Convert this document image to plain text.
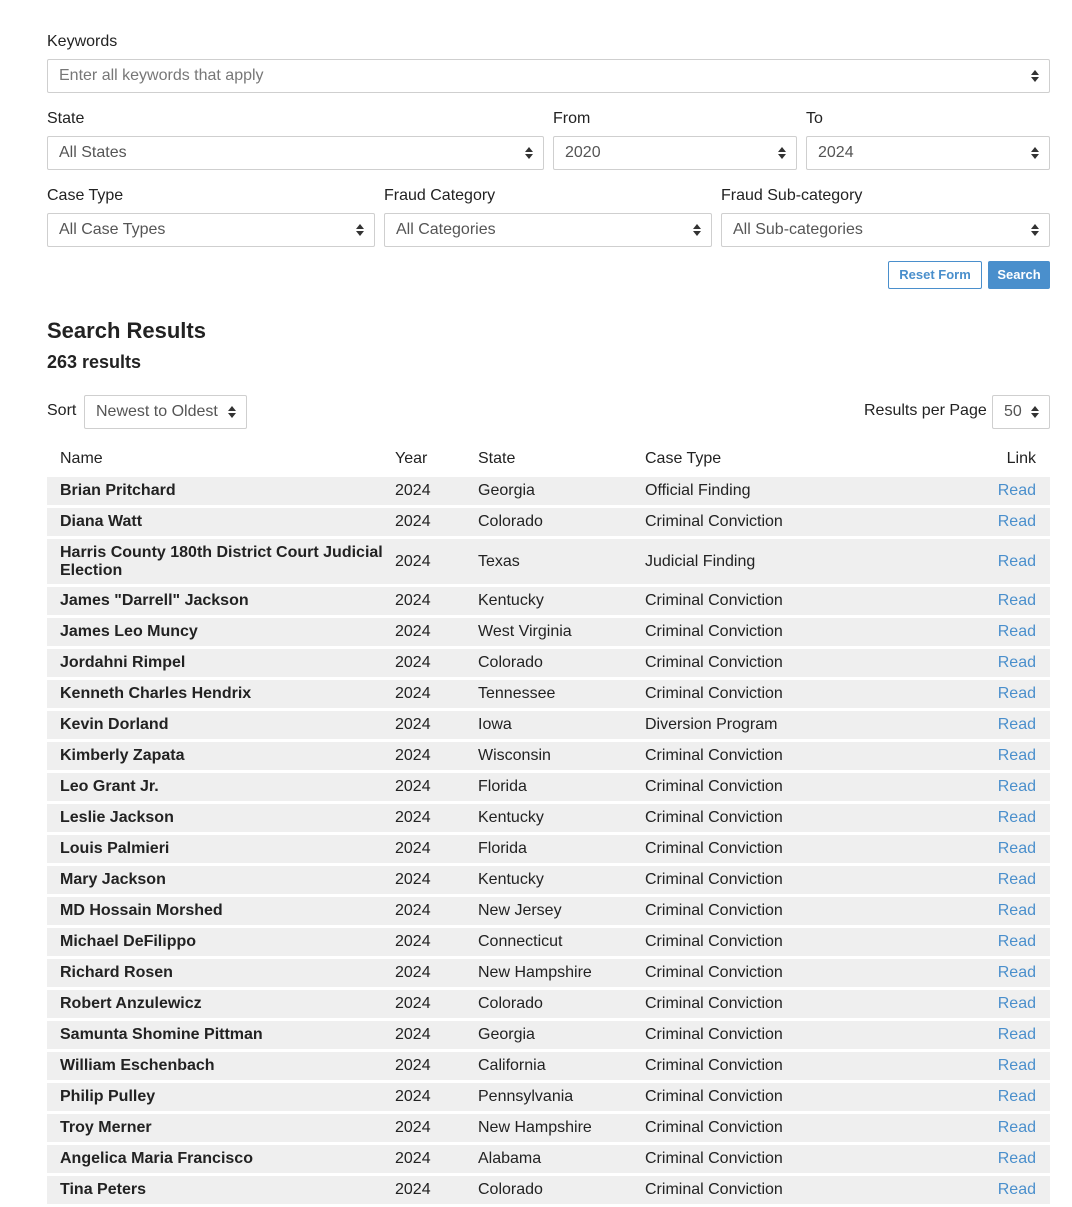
Keywords
Enter all keywords that apply
State
All States
From
2020
To
2024
Case Type
All Case Types
Fraud Category
All Categories
Fraud Sub-category
All Sub-categories
Reset Form	Search
Search Results
263 results
Sort	Newest to Oldest	Results per Page	50
Name	Year	State	Case Type	Link
Brian Pritchard	2024	Georgia	Official Finding	Read
Diana Watt	2024	Colorado	Criminal Conviction	Read
Harris County 180th District Court Judicial Election	2024	Texas	Judicial Finding	Read
James "Darrell" Jackson	2024	Kentucky	Criminal Conviction	Read
James Leo Muncy	2024	West Virginia	Criminal Conviction	Read
Jordahni Rimpel	2024	Colorado	Criminal Conviction	Read
Kenneth Charles Hendrix	2024	Tennessee	Criminal Conviction	Read
Kevin Dorland	2024	Iowa	Diversion Program	Read
Kimberly Zapata	2024	Wisconsin	Criminal Conviction	Read
Leo Grant Jr.	2024	Florida	Criminal Conviction	Read
Leslie Jackson	2024	Kentucky	Criminal Conviction	Read
Louis Palmieri	2024	Florida	Criminal Conviction	Read
Mary Jackson	2024	Kentucky	Criminal Conviction	Read
MD Hossain Morshed	2024	New Jersey	Criminal Conviction	Read
Michael DeFilippo	2024	Connecticut	Criminal Conviction	Read
Richard Rosen	2024	New Hampshire	Criminal Conviction	Read
Robert Anzulewicz	2024	Colorado	Criminal Conviction	Read
Samunta Shomine Pittman	2024	Georgia	Criminal Conviction	Read
William Eschenbach	2024	California	Criminal Conviction	Read
Philip Pulley	2024	Pennsylvania	Criminal Conviction	Read
Troy Merner	2024	New Hampshire	Criminal Conviction	Read
Angelica Maria Francisco	2024	Alabama	Criminal Conviction	Read
Tina Peters	2024	Colorado	Criminal Conviction	Read
